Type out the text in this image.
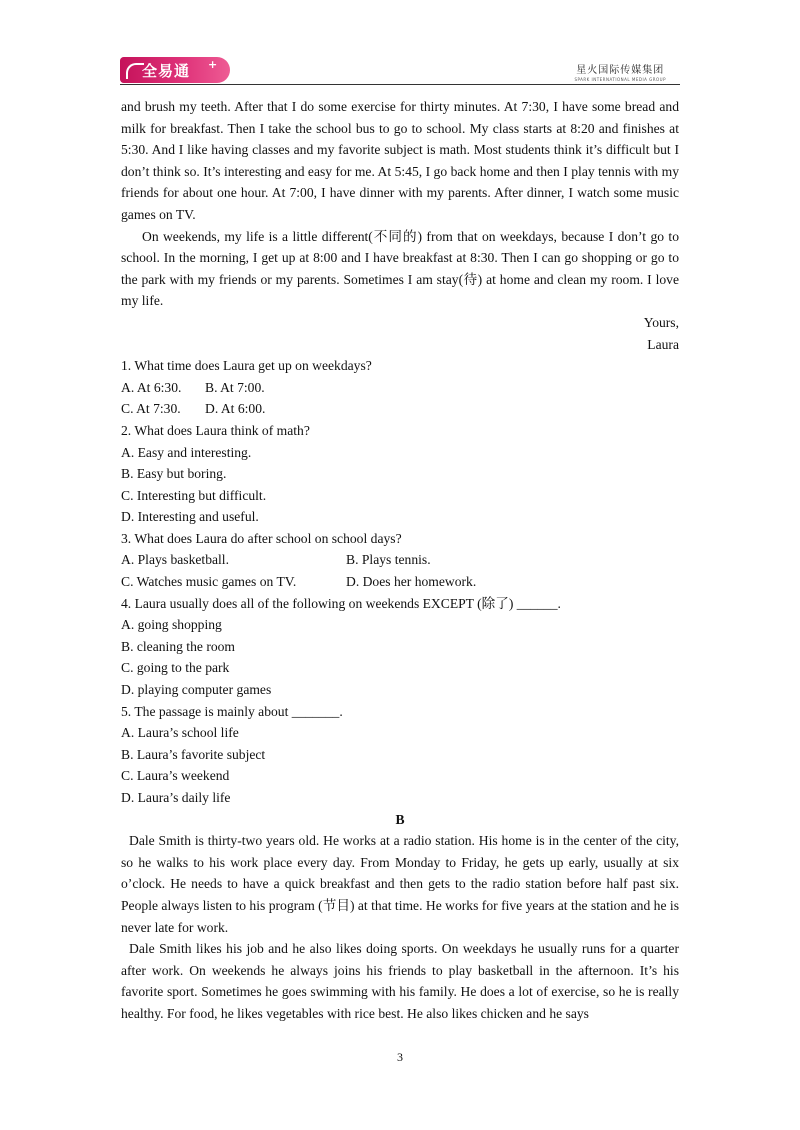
全易通 +	星火国际传媒集团
SPARK INTERNATIONAL MEDIA GROUP

and brush my teeth. After that I do some exercise for thirty minutes. At 7:30, I have some bread and milk for breakfast. Then I take the school bus to go to school. My class starts at 8:20 and finishes at 5:30. And I like having classes and my favorite subject is math. Most students think it’s difficult but I don’t think so. It’s interesting and easy for me. At 5:45, I go back home and then I play tennis with my friends for about one hour. At 7:00, I have dinner with my parents. After dinner, I watch some music games on TV.

On weekends, my life is a little different(不同的) from that on weekdays, because I don’t go to school. In the morning, I get up at 8:00 and I have breakfast at 8:30. Then I can go shopping or go to the park with my friends or my parents. Sometimes I am stay(待) at home and clean my room. I love my life.

Yours,

Laura

1. What time does Laura get up on weekdays?

A. At 6:30. B. At 7:00.
C. At 7:30. D. At 6:00.

2. What does Laura think of math?

A. Easy and interesting.

B. Easy but boring.

C. Interesting but difficult.

D. Interesting and useful.

3. What does Laura do after school on school days?

A. Plays basketball.	B. Plays tennis.
C. Watches music games on TV.	D. Does her homework.

4. Laura usually does all of the following on weekends EXCEPT (除了) ______.

A. going shopping

B. cleaning the room

C. going to the park

D. playing computer games

5. The passage is mainly about _______.

A. Laura’s school life

B. Laura’s favorite subject

C. Laura’s weekend

D. Laura’s daily life

B

Dale Smith is thirty-two years old. He works at a radio station. His home is in the center of the city, so he walks to his work place every day. From Monday to Friday, he gets up early, usually at six o’clock. He needs to have a quick breakfast and then gets to the radio station before half past six. People always listen to his program (节目) at that time. He works for five years at the station and he is never late for work.

Dale Smith likes his job and he also likes doing sports. On weekdays he usually runs for a quarter after work. On weekends he always joins his friends to play basketball in the afternoon. It’s his favorite sport. Sometimes he goes swimming with his family. He does a lot of exercise, so he is really healthy. For food, he likes vegetables with rice best. He also likes chicken and he says

3
